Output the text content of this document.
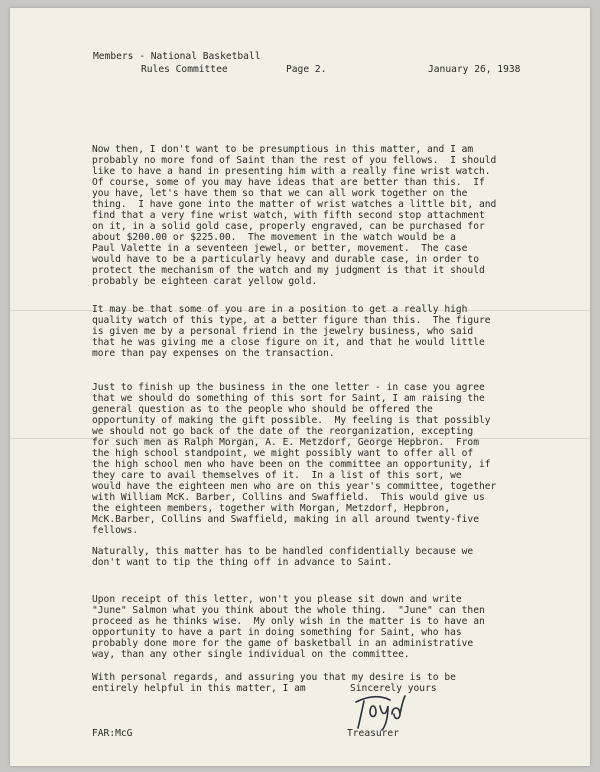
Members - National Basketball

Rules Committee	Page 2.	January 26, 1938

Now then, I don't want to be presumptious in this matter, and I am

probably no more fond of Saint than the rest of you fellows.  I should

like to have a hand in presenting him with a really fine wrist watch.

Of course, some of you may have ideas that are better than this.  If

you have, let's have them so that we can all work together on the

thing.  I have gone into the matter of wrist watches a little bit, and

find that a very fine wrist watch, with fifth second stop attachment

on it, in a solid gold case, properly engraved, can be purchased for

about $200.00 or $225.00.  The movement in the watch would be a

Paul Valette in a seventeen jewel, or better, movement.  The case

would have to be a particularly heavy and durable case, in order to

protect the mechanism of the watch and my judgment is that it should

probably be eighteen carat yellow gold.

It may be that some of you are in a position to get a really high

quality watch of this type, at a better figure than this.  The figure

is given me by a personal friend in the jewelry business, who said

that he was giving me a close figure on it, and that he would little

more than pay expenses on the transaction.

Just to finish up the business in the one letter - in case you agree

that we should do something of this sort for Saint, I am raising the

general question as to the people who should be offered the

opportunity of making the gift possible.  My feeling is that possibly

we should not go back of the date of the reorganization, excepting

for such men as Ralph Morgan, A. E. Metzdorf, George Hepbron.  From

the high school standpoint, we might possibly want to offer all of

the high school men who have been on the committee an opportunity, if

they care to avail themselves of it.  In a list of this sort, we

would have the eighteen men who are on this year's committee, together

with William McK. Barber, Collins and Swaffield.  This would give us

the eighteen members, together with Morgan, Metzdorf, Hepbron,

McK.Barber, Collins and Swaffield, making in all around twenty-five

fellows.

Naturally, this matter has to be handled confidentially because we

don't want to tip the thing off in advance to Saint.

Upon receipt of this letter, won't you please sit down and write

"June" Salmon what you think about the whole thing.  "June" can then

proceed as he thinks wise.  My only wish in the matter is to have an

opportunity to have a part in doing something for Saint, who has

probably done more for the game of basketball in an administrative

way, than any other single individual on the committee.

With personal regards, and assuring you that my desire is to be

entirely helpful in this matter, I am	Sincerely yours

Treasurer

FAR:McG
